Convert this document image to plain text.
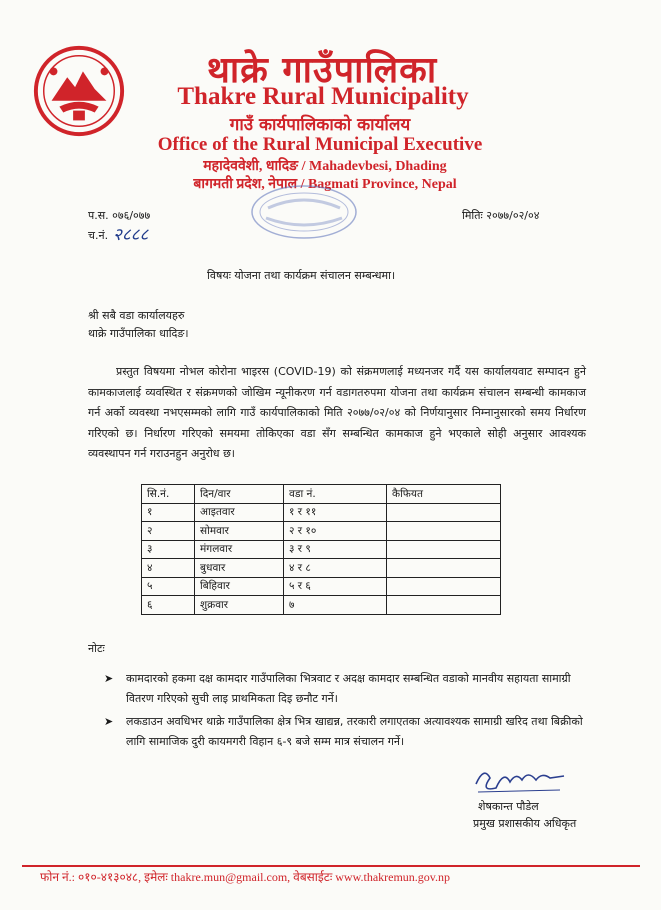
थाक्रे गाउँपालिका
Thakre Rural Municipality
गाउँ कार्यपालिकाको कार्यालय
Office of the Rural Municipal Executive
महादेववेशी, धादिङ / Mahadevbesi, Dhading
बागमती प्रदेश, नेपाल / Bagmati Province, Nepal
प.स. ०७६/०७७
च.नं. २८८८
मितिः २०७७/०२/०४
विषयः योजना तथा कार्यक्रम संचालन सम्बन्धमा।
श्री सबै वडा कार्यालयहरु
थाक्रे गाउँपालिका धादिङ।
प्रस्तुत विषयमा नोभल कोरोना भाइरस (COVID-19) को संक्रमणलाई मध्यनजर गर्दै यस कार्यालयवाट सम्पादन हुने कामकाजलाई व्यवस्थित र संक्रमणको जोखिम न्यूनीकरण गर्न वडागतरुपमा योजना तथा कार्यक्रम संचालन सम्बन्धी कामकाज गर्न अर्को व्यवस्था नभएसम्मको लागि गाउँ कार्यपालिकाको मिति २०७७/०२/०४ को निर्णयानुसार निम्नानुसारको समय निर्धारण गरिएको छ। निर्धारण गरिएको समयमा तोकिएका वडा सँग सम्बन्धित कामकाज हुने भएकाले सोही अनुसार आवश्यक व्यवस्थापन गर्न गराउनहुन अनुरोध छ।
सि.नं.	दिन/वार	वडा नं.	कैफियत
१	आइतवार	१ र ११	
२	सोमवार	२ र १०	
३	मंगलवार	३ र ९	
४	बुधवार	४ र ८	
५	बिहिवार	५ र ६	
६	शुक्रवार	७	
नोटः
➤ कामदारको हकमा दक्ष कामदार गाउँपालिका भित्रवाट र अदक्ष कामदार सम्बन्धित वडाको मानवीय सहायता सामाग्री वितरण गरिएको सुची लाइ प्राथमिकता दिइ छनौट गर्ने।
➤ लकडाउन अवधिभर थाक्रे गाउँपालिका क्षेत्र भित्र खाद्यन्न, तरकारी लगाएतका अत्यावश्यक सामाग्री खरिद तथा बिक्रीको लागि सामाजिक दुरी कायमगरी विहान ६-९ बजे सम्म मात्र संचालन गर्ने।
शेषकान्त पौडेल
प्रमुख प्रशासकीय अधिकृत
फोन नं.: ०१०-४१३०४८, इमेलः thakre.mun@gmail.com, वेबसाईटः www.thakremun.gov.np
